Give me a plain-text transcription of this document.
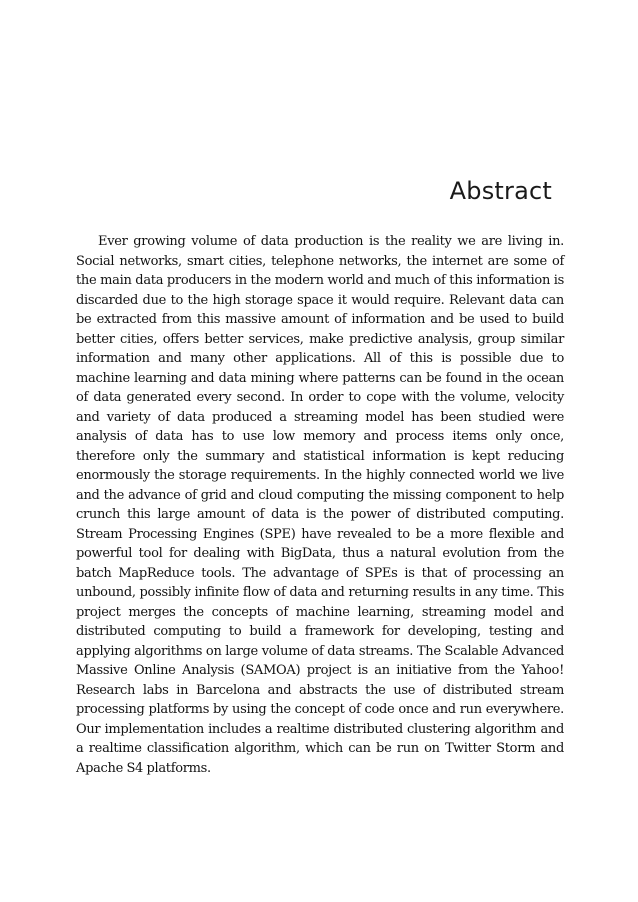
Abstract

Ever growing volume of data production is the reality we are living in. Social networks, smart cities, telephone networks, the internet are some of the main data producers in the modern world and much of this information is discarded due to the high storage space it would require. Relevant data can be extracted from this massive amount of information and be used to build better cities, offers better services, make predictive analysis, group similar information and many other applications. All of this is possible due to machine learning and data mining where patterns can be found in the ocean of data generated every second. In order to cope with the volume, velocity and variety of data produced a streaming model has been studied were analysis of data has to use low memory and process items only once, therefore only the summary and statistical information is kept reducing enormously the storage requirements. In the highly connected world we live and the advance of grid and cloud computing the missing component to help crunch this large amount of data is the power of distributed computing. Stream Processing Engines (SPE) have revealed to be a more flexible and powerful tool for dealing with BigData, thus a natural evolution from the batch MapReduce tools. The advantage of SPEs is that of processing an unbound, possibly infinite flow of data and returning results in any time. This project merges the concepts of machine learning, streaming model and distributed computing to build a framework for developing, testing and applying algorithms on large volume of data streams. The Scalable Advanced Massive Online Analysis (SAMOA) project is an initiative from the Yahoo! Research labs in Barcelona and abstracts the use of distributed stream processing platforms by using the concept of code once and run everywhere. Our implementation includes a realtime distributed clustering algorithm and a realtime classification algorithm, which can be run on Twitter Storm and Apache S4 platforms.
